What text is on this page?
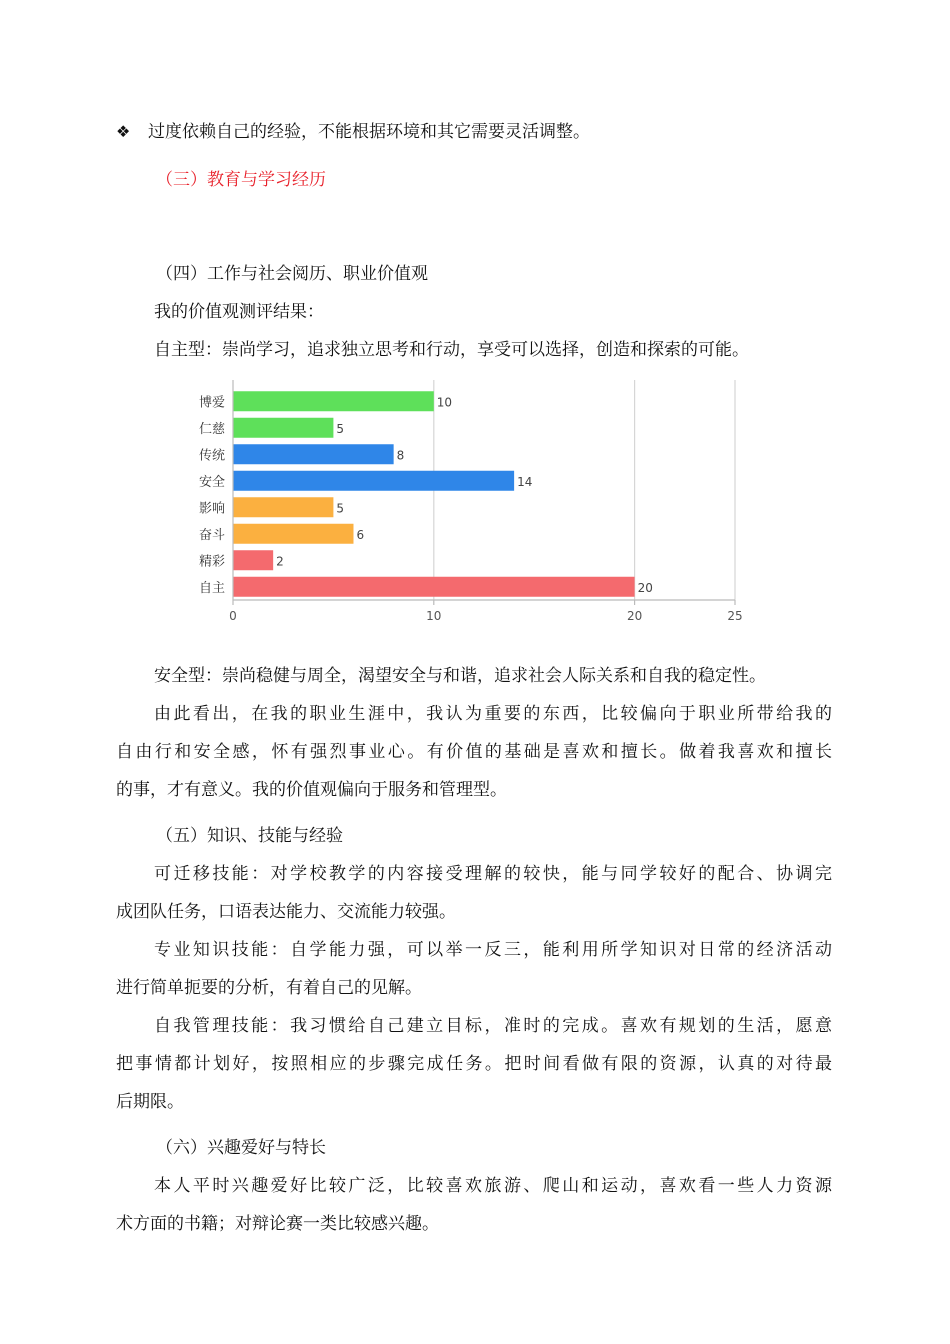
❖ 过度依赖自己的经验，不能根据环境和其它需要灵活调整。
（三）教育与学习经历
（四）工作与社会阅历、职业价值观
我的价值观测评结果：
自主型：崇尚学习，追求独立思考和行动，享受可以选择，创造和探索的可能。
博爱	10
仁慈	5
传统	8
安全	14
影响	5
奋斗	6
精彩	2
自主	20
0	10	20	25
安全型：崇尚稳健与周全，渴望安全与和谐，追求社会人际关系和自我的稳定性。
由此看出，在我的职业生涯中，我认为重要的东西，比较偏向于职业所带给我的
自由行和安全感，怀有强烈事业心。有价值的基础是喜欢和擅长。做着我喜欢和擅长
的事，才有意义。我的价值观偏向于服务和管理型。
（五）知识、技能与经验
可迁移技能：对学校教学的内容接受理解的较快，能与同学较好的配合、协调完
成团队任务，口语表达能力、交流能力较强。
专业知识技能：自学能力强，可以举一反三，能利用所学知识对日常的经济活动
进行简单扼要的分析，有着自己的见解。
自我管理技能：我习惯给自己建立目标，准时的完成。喜欢有规划的生活，愿意
把事情都计划好，按照相应的步骤完成任务。把时间看做有限的资源，认真的对待最
后期限。
（六）兴趣爱好与特长
本人平时兴趣爱好比较广泛，比较喜欢旅游、爬山和运动，喜欢看一些人力资源
术方面的书籍；对辩论赛一类比较感兴趣。
